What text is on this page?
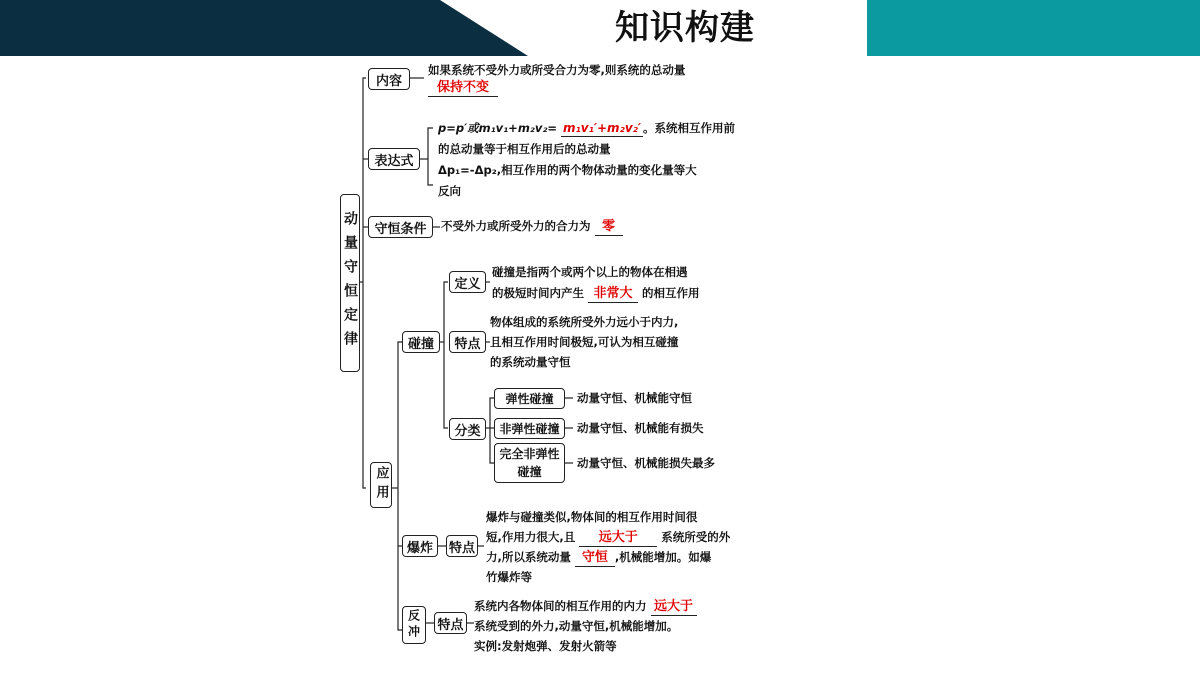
知识构建
动量守恒定律
内容
如果系统不受外力或所受合力为零,则系统的总动量
保持不变
表达式
p=p′或m₁v₁+m₂v₂= m₁v₁′+m₂v₂′ 。系统相互作用前
的总动量等于相互作用后的总动量
Δp₁=-Δp₂,相互作用的两个物体动量的变化量等大
反向
守恒条件 不受外力或所受外力的合力为 零
应用
碰撞
定义
碰撞是指两个或两个以上的物体在相遇
的极短时间内产生 非常大 的相互作用
特点
物体组成的系统所受外力远小于内力,
且相互作用时间极短,可认为相互碰撞
的系统动量守恒
分类
弹性碰撞 动量守恒、机械能守恒
非弹性碰撞 动量守恒、机械能有损失
完全非弹性
碰撞
动量守恒、机械能损失最多
爆炸 特点
爆炸与碰撞类似,物体间的相互作用时间很
短,作用力很大,且 远大于 系统所受的外
力,所以系统动量 守恒 ,机械能增加。如爆
竹爆炸等
反冲 特点
系统内各物体间的相互作用的内力 远大于
系统受到的外力,动量守恒,机械能增加。
实例:发射炮弹、发射火箭等
